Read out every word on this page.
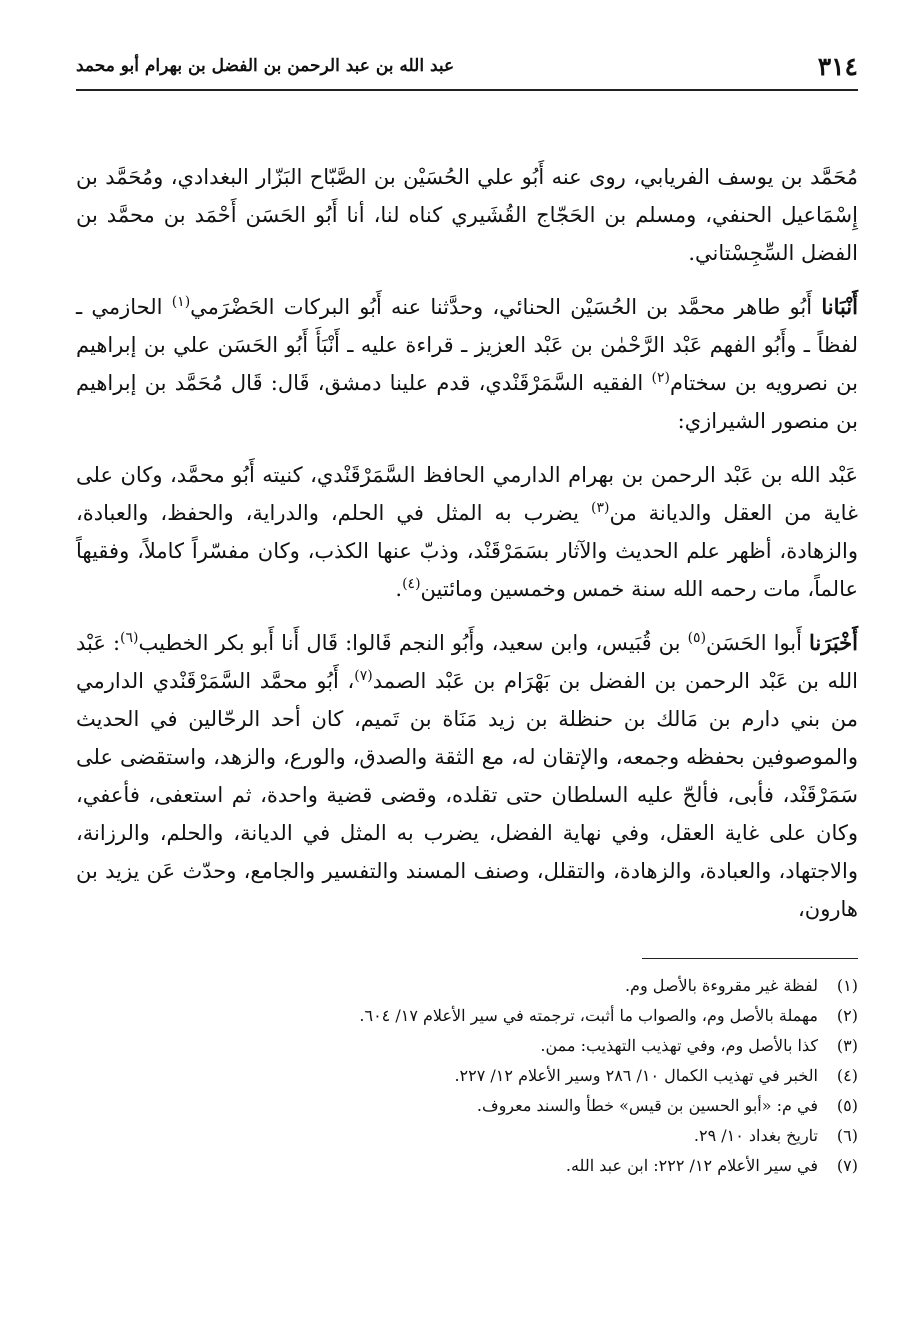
٣١٤
عبد الله بن عبد الرحمن بن الفضل بن بهرام أبو محمد

مُحَمَّد بن يوسف الفريابي، روى عنه أَبُو علي الحُسَيْن بن الصَّبّاح البَزّار البغدادي، ومُحَمَّد بن إِسْمَاعيل الحنفي، ومسلم بن الحَجّاج القُشَيري كناه لنا، أنا أَبُو الحَسَن أَحْمَد بن محمَّد بن الفضل السِّجِسْتاني.

أَنْبَانا أَبُو طاهر محمَّد بن الحُسَيْن الحنائي، وحدَّثنا عنه أَبُو البركات الحَضْرَمي$^{(١)}$ الحازمي ـ لفظاً ـ وأَبُو الفهم عَبْد الرَّحْمٰن بن عَبْد العزيز ـ قراءة عليه ـ أَنْبَأَ أَبُو الحَسَن علي بن إبراهيم بن نصرويه بن سختام$^{(٢)}$ الفقيه السَّمَرْقَنْدي، قدم علينا دمشق، قَال: قَال مُحَمَّد بن إبراهيم بن منصور الشيرازي:

عَبْد الله بن عَبْد الرحمن بن بهرام الدارمي الحافظ السَّمَرْقَنْدي، كنيته أَبُو محمَّد، وكان على غاية من العقل والديانة من$^{(٣)}$ يضرب به المثل في الحلم، والدراية، والحفظ، والعبادة، والزهادة، أظهر علم الحديث والآثار بسَمَرْقَنْد، وذبّ عنها الكذب، وكان مفسّراً كاملاً، وفقيهاً عالماً، مات رحمه الله سنة خمس وخمسين ومائتين$^{(٤)}$.

أَخْبَرَنا أَبوا الحَسَن$^{(٥)}$ بن قُبَيس، وابن سعيد، وأَبُو النجم قَالوا: قَال أَنا أَبو بكر الخطيب$^{(٦)}$: عَبْد الله بن عَبْد الرحمن بن الفضل بن بَهْرَام بن عَبْد الصمد$^{(٧)}$، أَبُو محمَّد السَّمَرْقَنْدي الدارمي من بني دارم بن مَالك بن حنظلة بن زيد مَنَاة بن تَميم، كان أحد الرحّالين في الحديث والموصوفين بحفظه وجمعه، والإتقان له، مع الثقة والصدق، والورع، والزهد، واستقضى على سَمَرْقَنْد، فأبى، فألحّ عليه السلطان حتى تقلده، وقضى قضية واحدة، ثم استعفى، فأعفي، وكان على غاية العقل، وفي نهاية الفضل، يضرب به المثل في الديانة، والحلم، والرزانة، والاجتهاد، والعبادة، والزهادة، والتقلل، وصنف المسند والتفسير والجامع، وحدّث عَن يزيد بن هارون،

(١)
لفظة غير مقروءة بالأصل وم.
(٢)
مهملة بالأصل وم، والصواب ما أثبت، ترجمته في سير الأعلام ١٧/ ٦٠٤.
(٣)
كذا بالأصل وم، وفي تهذيب التهذيب: ممن.
(٤)
الخبر في تهذيب الكمال ١٠/ ٢٨٦ وسير الأعلام ١٢/ ٢٢٧.
(٥)
في م: «أبو الحسين بن قيس» خطأ والسند معروف.
(٦)
تاريخ بغداد ١٠/ ٢٩.
(٧)
في سير الأعلام ١٢/ ٢٢٢: ابن عبد الله.
